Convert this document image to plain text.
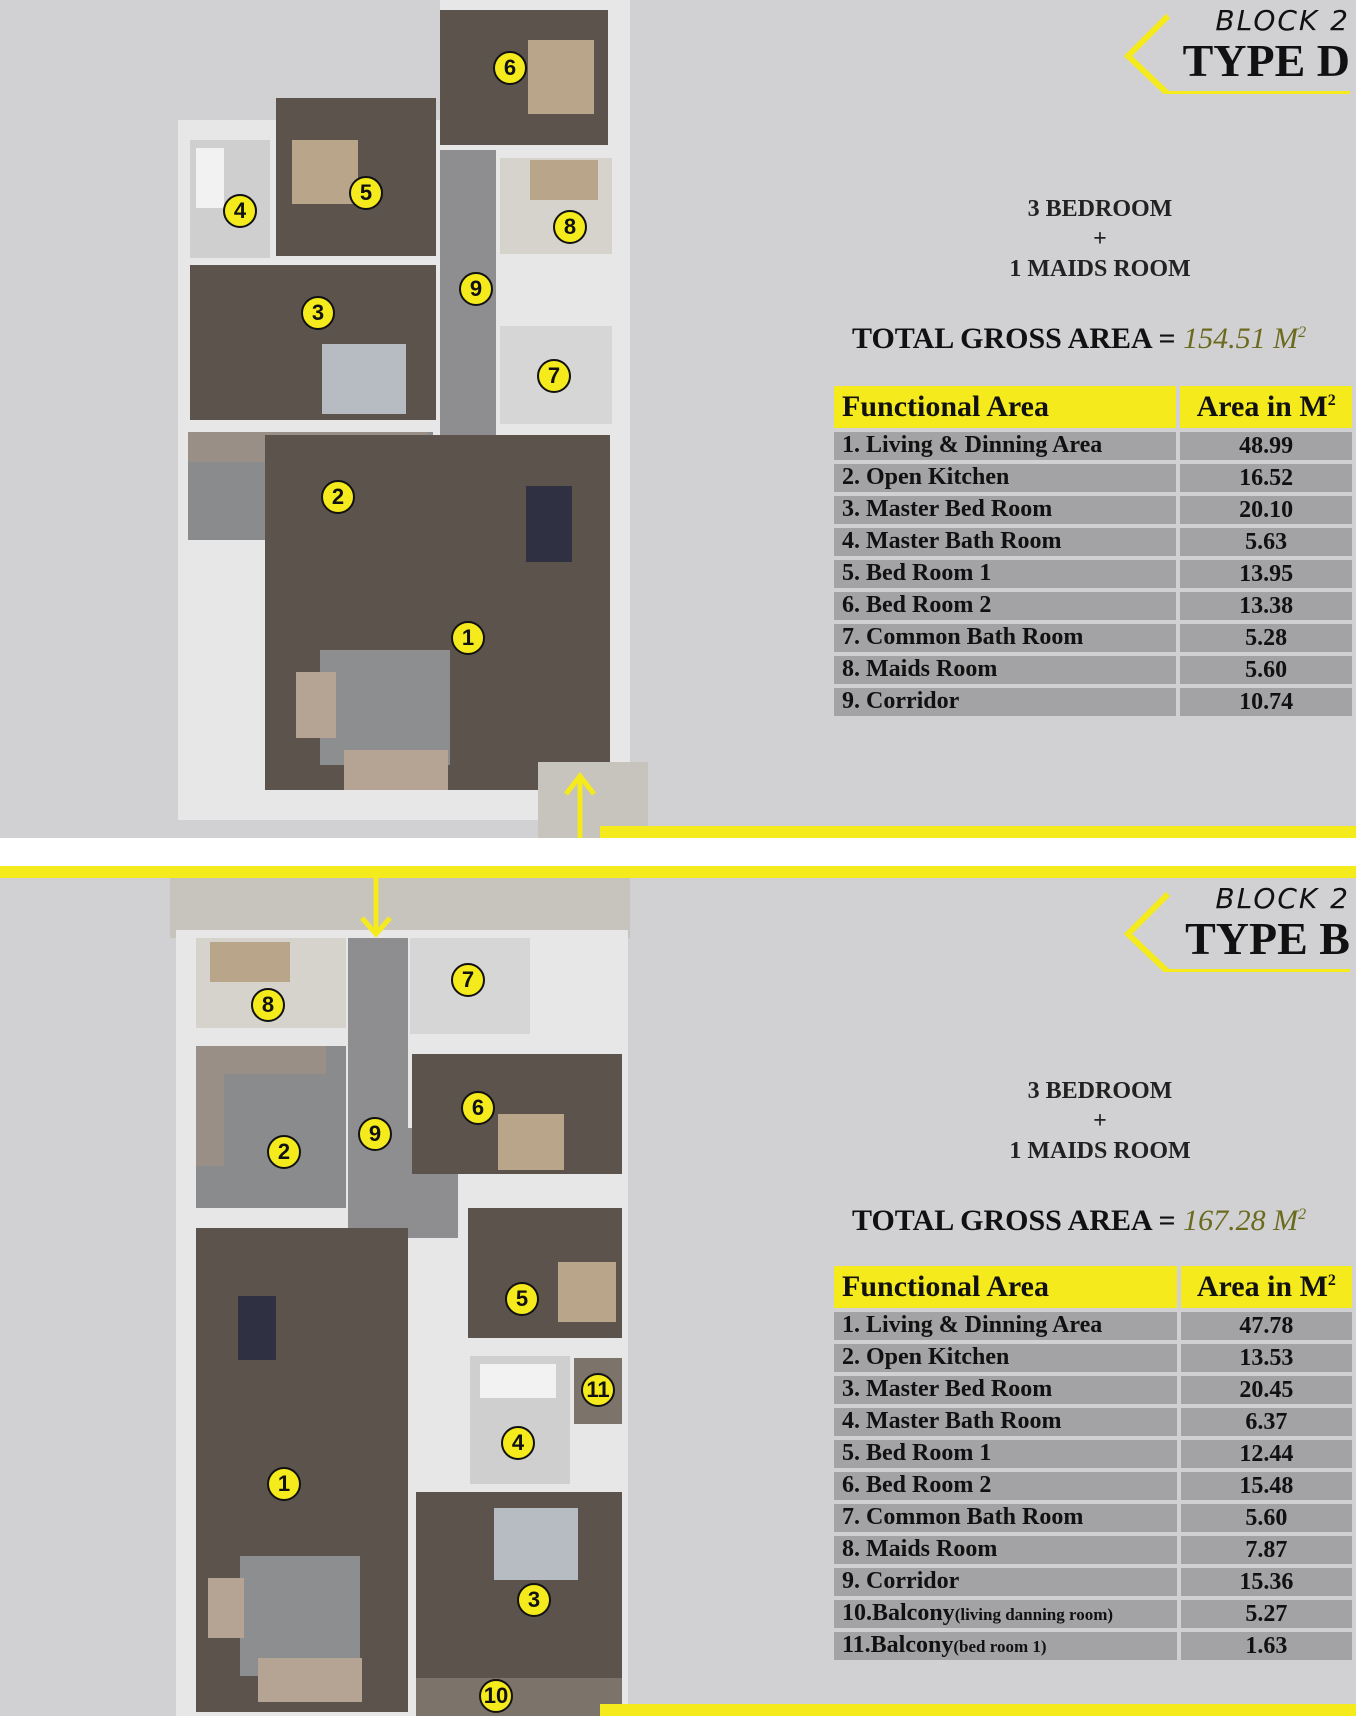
1
2
3
4
5
6
7
8
9
BLOCK 2
TYPE D
3 BEDROOM
+
1 MAIDS ROOM
TOTAL GROSS AREA = 154.51 $M^2$
Functional Area	Area in $M^2$
1. Living & Dinning Area	48.99
2. Open Kitchen	16.52
3. Master Bed Room	20.10
4. Master Bath Room	5.63
5. Bed Room 1	13.95
6. Bed Room 2	13.38
7. Common Bath Room	5.28
8. Maids Room	5.60
9. Corridor	10.74
1
2
3
4
5
6
7
8
9
10
11
BLOCK 2
TYPE B
3 BEDROOM
+
1 MAIDS ROOM
TOTAL GROSS AREA = 167.28 $M^2$
Functional Area	Area in $M^2$
1. Living & Dinning Area	47.78
2. Open Kitchen	13.53
3. Master Bed Room	20.45
4. Master Bath Room	6.37
5. Bed Room 1	12.44
6. Bed Room 2	15.48
7. Common Bath Room	5.60
8. Maids Room	7.87
9. Corridor	15.36
10.Balcony(living danning room)	5.27
11.Balcony(bed room 1)	1.63
